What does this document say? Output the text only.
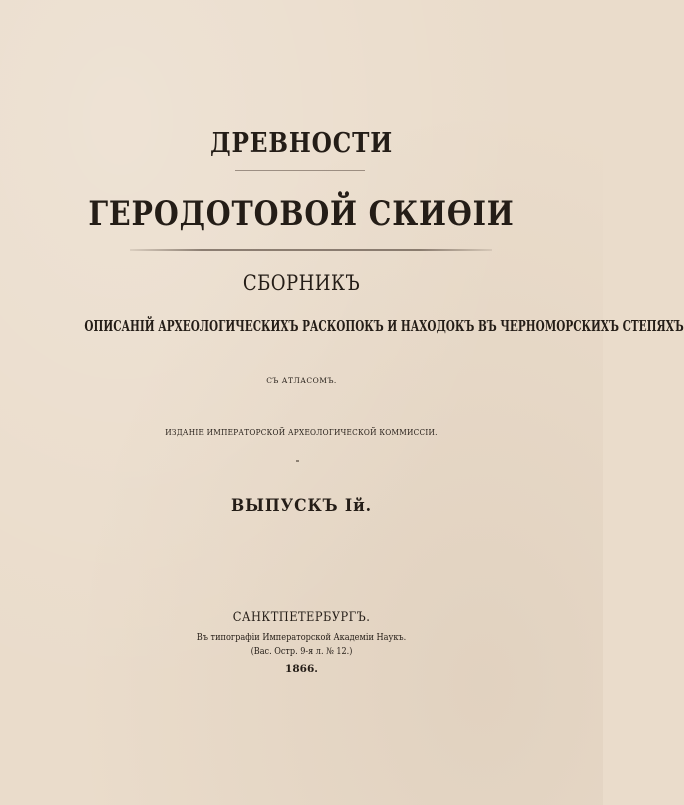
ДРЕВНОСТИ
ГЕРОДОТОВОЙ СКИѲІИ
СБОРНИКЪ
ОПИСАНІЙ АРХЕОЛОГИЧЕСКИХЪ РАСКОПОКЪ И НАХОДОКЪ ВЪ ЧЕРНОМОРСКИХЪ СТЕПЯХЪ
СЪ АТЛАСОМЪ.
ИЗДАНІЕ ИМПЕРАТОРСКОЙ АРХЕОЛОГИЧЕСКОЙ КОММИССІИ.
ВЫПУСКЪ Iй.
САНКТПЕТЕРБУРГЪ.
Въ типографіи Императорской Академіи Наукъ.
(Вас. Остр. 9-я л. № 12.)
1866.
